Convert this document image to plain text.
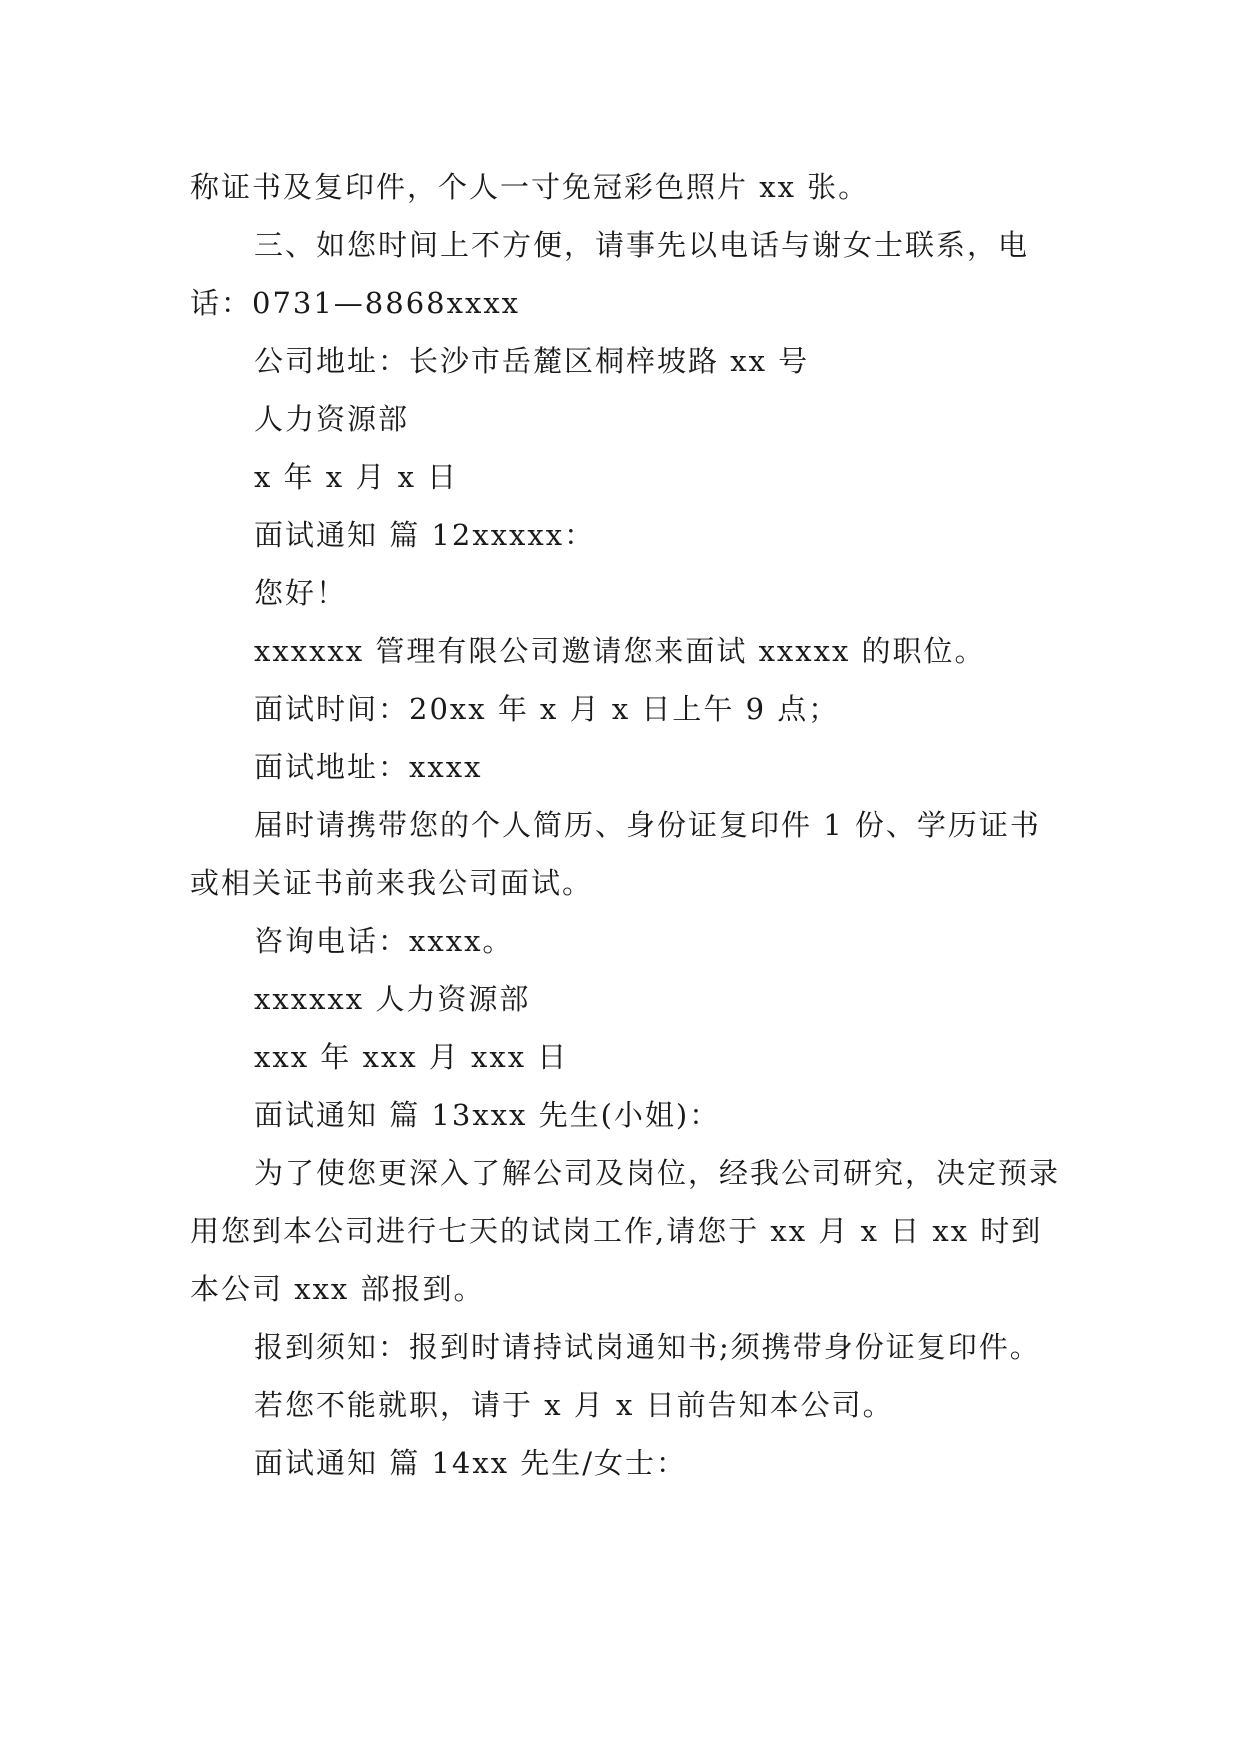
称证书及复印件，个人一寸免冠彩色照片 xx 张。

三、如您时间上不方便，请事先以电话与谢女士联系，电话：0731—8868xxxx

公司地址：长沙市岳麓区桐梓坡路 xx 号

人力资源部

x 年 x 月 x 日

面试通知 篇 12xxxxx：

您好！

xxxxxx 管理有限公司邀请您来面试 xxxxx 的职位。

面试时间：20xx 年 x 月 x 日上午 9 点；

面试地址：xxxx

届时请携带您的个人简历、身份证复印件 1 份、学历证书或相关证书前来我公司面试。

咨询电话：xxxx。

xxxxxx 人力资源部

xxx 年 xxx 月 xxx 日

面试通知 篇 13xxx 先生(小姐)：

为了使您更深入了解公司及岗位，经我公司研究，决定预录用您到本公司进行七天的试岗工作,请您于 xx 月 x 日 xx 时到本公司 xxx 部报到。

报到须知：报到时请持试岗通知书;须携带身份证复印件。

若您不能就职，请于 x 月 x 日前告知本公司。

面试通知 篇 14xx 先生/女士：
